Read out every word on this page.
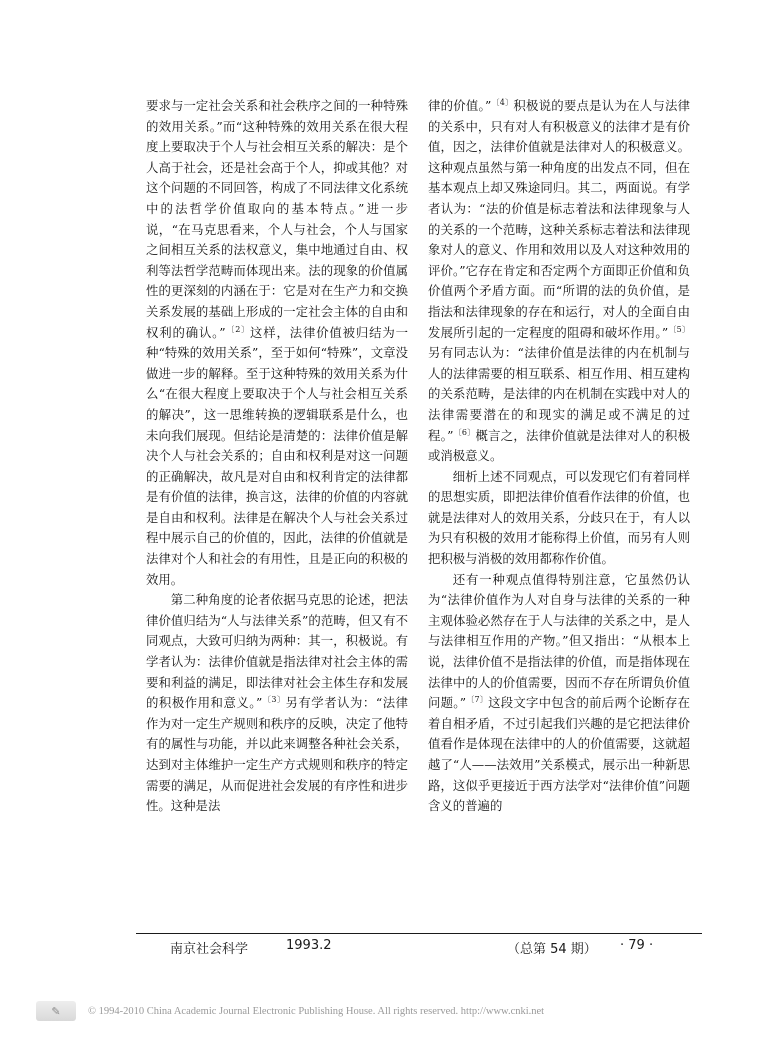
要求与一定社会关系和社会秩序之间的一种特殊的效用关系。”而“这种特殊的效用关系在很大程度上要取决于个人与社会相互关系的解决：是个人高于社会，还是社会高于个人，抑或其他？对这个问题的不同回答，构成了不同法律文化系统中的法哲学价值取向的基本特点。”进一步说，“在马克思看来，个人与社会，个人与国家之间相互关系的法权意义，集中地通过自由、权利等法哲学范畴而体现出来。法的现象的价值属性的更深刻的内涵在于：它是对在生产力和交换关系发展的基础上形成的一定社会主体的自由和权利的确认。”$^{〔2〕}$这样，法律价值被归结为一种“特殊的效用关系”，至于如何“特殊”，文章没做进一步的解释。至于这种特殊的效用关系为什么“在很大程度上要取决于个人与社会相互关系的解决”，这一思维转换的逻辑联系是什么，也未向我们展现。但结论是清楚的：法律价值是解决个人与社会关系的；自由和权利是对这一问题的正确解决，故凡是对自由和权利肯定的法律都是有价值的法律，换言这，法律的价值的内容就是自由和权利。法律是在解决个人与社会关系过程中展示自己的价值的，因此，法律的价值就是法律对个人和社会的有用性，且是正向的积极的效用。

第二种角度的论者依据马克思的论述，把法律价值归结为“人与法律关系”的范畴，但又有不同观点，大致可归纳为两种：其一，积极说。有学者认为：法律价值就是指法律对社会主体的需要和利益的满足，即法律对社会主体生存和发展的积极作用和意义。”$^{〔3〕}$另有学者认为：“法律作为对一定生产规则和秩序的反映，决定了他特有的属性与功能，并以此来调整各种社会关系，达到对主体维护一定生产方式规则和秩序的特定需要的满足，从而促进社会发展的有序性和进步性。这种是法

律的价值。”$^{〔4〕}$积极说的要点是认为在人与法律的关系中，只有对人有积极意义的法律才是有价值，因之，法律价值就是法律对人的积极意义。这种观点虽然与第一种角度的出发点不同，但在基本观点上却又殊途同归。其二，两面说。有学者认为：“法的价值是标志着法和法律现象与人的关系的一个范畴，这种关系标志着法和法律现象对人的意义、作用和效用以及人对这种效用的评价。”它存在肯定和否定两个方面即正价值和负价值两个矛盾方面。而“所谓的法的负价值，是指法和法律现象的存在和运行，对人的全面自由发展所引起的一定程度的阻碍和破坏作用。”$^{〔5〕}$另有同志认为：“法律价值是法律的内在机制与人的法律需要的相互联系、相互作用、相互建构的关系范畴，是法律的内在机制在实践中对人的法律需要潜在的和现实的满足或不满足的过程。”$^{〔6〕}$概言之，法律价值就是法律对人的积极或消极意义。

细析上述不同观点，可以发现它们有着同样的思想实质，即把法律价值看作法律的价值，也就是法律对人的效用关系，分歧只在于，有人以为只有积极的效用才能称得上价值，而另有人则把积极与消极的效用都称作价值。

还有一种观点值得特别注意，它虽然仍认为“法律价值作为人对自身与法律的关系的一种主观体验必然存在于人与法律的关系之中，是人与法律相互作用的产物。”但又指出：“从根本上说，法律价值不是指法律的价值，而是指体现在法律中的人的价值需要，因而不存在所谓负价值问题。”$^{〔7〕}$这段文字中包含的前后两个论断存在着自相矛盾，不过引起我们兴趣的是它把法律价值看作是体现在法律中的人的价值需要，这就超越了“人——法效用”关系模式，展示出一种新思路，这似乎更接近于西方法学对“法律价值”问题含义的普遍的

南京社会科学	1993.2	（总第 54 期） · 79 ·
✎	© 1994-2010 China Academic Journal Electronic Publishing House. All rights reserved. http://www.cnki.net
